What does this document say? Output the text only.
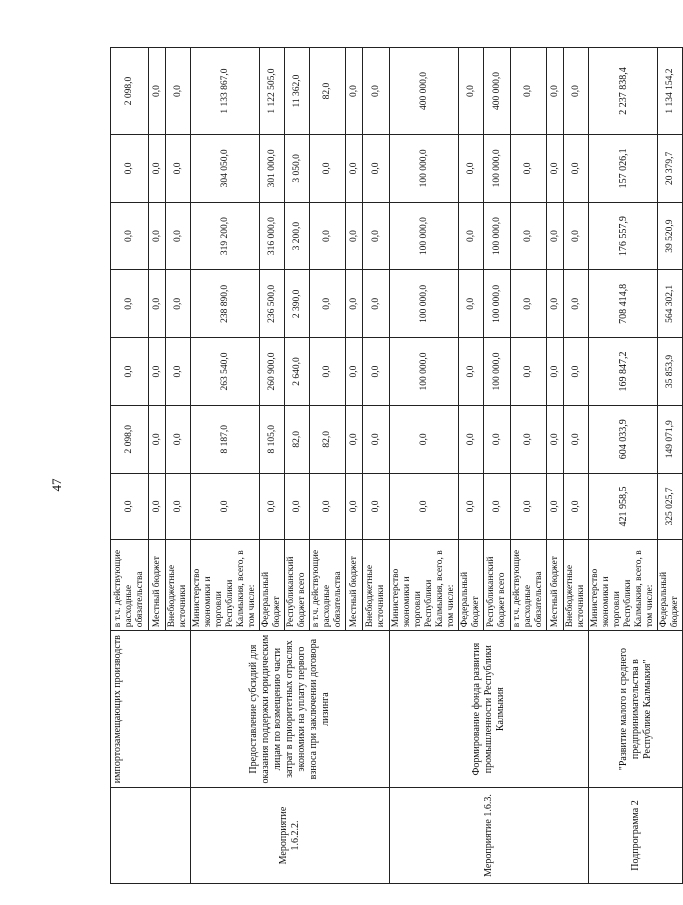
47
	импортозамещающих производств	в т.ч. действующие расходные обязательства	0,0	2 098,0	0,0	0,0	0,0	0,0	2 098,0
		Местный бюджет	0,0	0,0	0,0	0,0	0,0	0,0	0,0
		Внебюджетные источники	0,0	0,0	0,0	0,0	0,0	0,0	0,0
Мероприятие 1.6.2.2.	Предоставление субсидий для оказания поддержки юридическим лицам по возмещению части затрат в приоритетных отраслях экономики на уплату первого взноса при заключении договора лизинга	Министерство экономики и торговли Республики Калмыкия, всего, в том числе:	0,0	8 187,0	263 540,0	238 890,0	319 200,0	304 050,0	1 133 867,0
		Федеральный бюджет	0,0	8 105,0	260 900,0	236 500,0	316 000,0	301 000,0	1 122 505,0
		Республиканский бюджет всего	0,0	82,0	2 640,0	2 390,0	3 200,0	3 050,0	11 362,0
		в т.ч. действующие расходные обязательства	0,0	82,0	0,0	0,0	0,0	0,0	82,0
		Местный бюджет	0,0	0,0	0,0	0,0	0,0	0,0	0,0
		Внебюджетные источники	0,0	0,0	0,0	0,0	0,0	0,0	0,0
Мероприятие 1.6.3.	Формирование фонда развития промышленности Республики Калмыкия	Министерство экономики и торговли Республики Калмыкия, всего, в том числе:	0,0	0,0	100 000,0	100 000,0	100 000,0	100 000,0	400 000,0
		Федеральный бюджет	0,0	0,0	0,0	0,0	0,0	0,0	0,0
		Республиканский бюджет всего	0,0	0,0	100 000,0	100 000,0	100 000,0	100 000,0	400 000,0
		в т.ч. действующие расходные обязательства	0,0	0,0	0,0	0,0	0,0	0,0	0,0
		Местный бюджет	0,0	0,0	0,0	0,0	0,0	0,0	0,0
		Внебюджетные источники	0,0	0,0	0,0	0,0	0,0	0,0	0,0
Подпрограмма 2	"Развитие малого и среднего предпринимательства в Республике Калмыкия"	Министерство экономики и торговли Республики Калмыкия, всего, в том числе:	421 958,5	604 033,9	169 847,2	708 414,8	176 557,9	157 026,1	2 237 838,4
		Федеральный бюджет	325 025,7	149 071,9	35 853,9	564 302,1	39 520,9	20 379,7	1 134 154,2
